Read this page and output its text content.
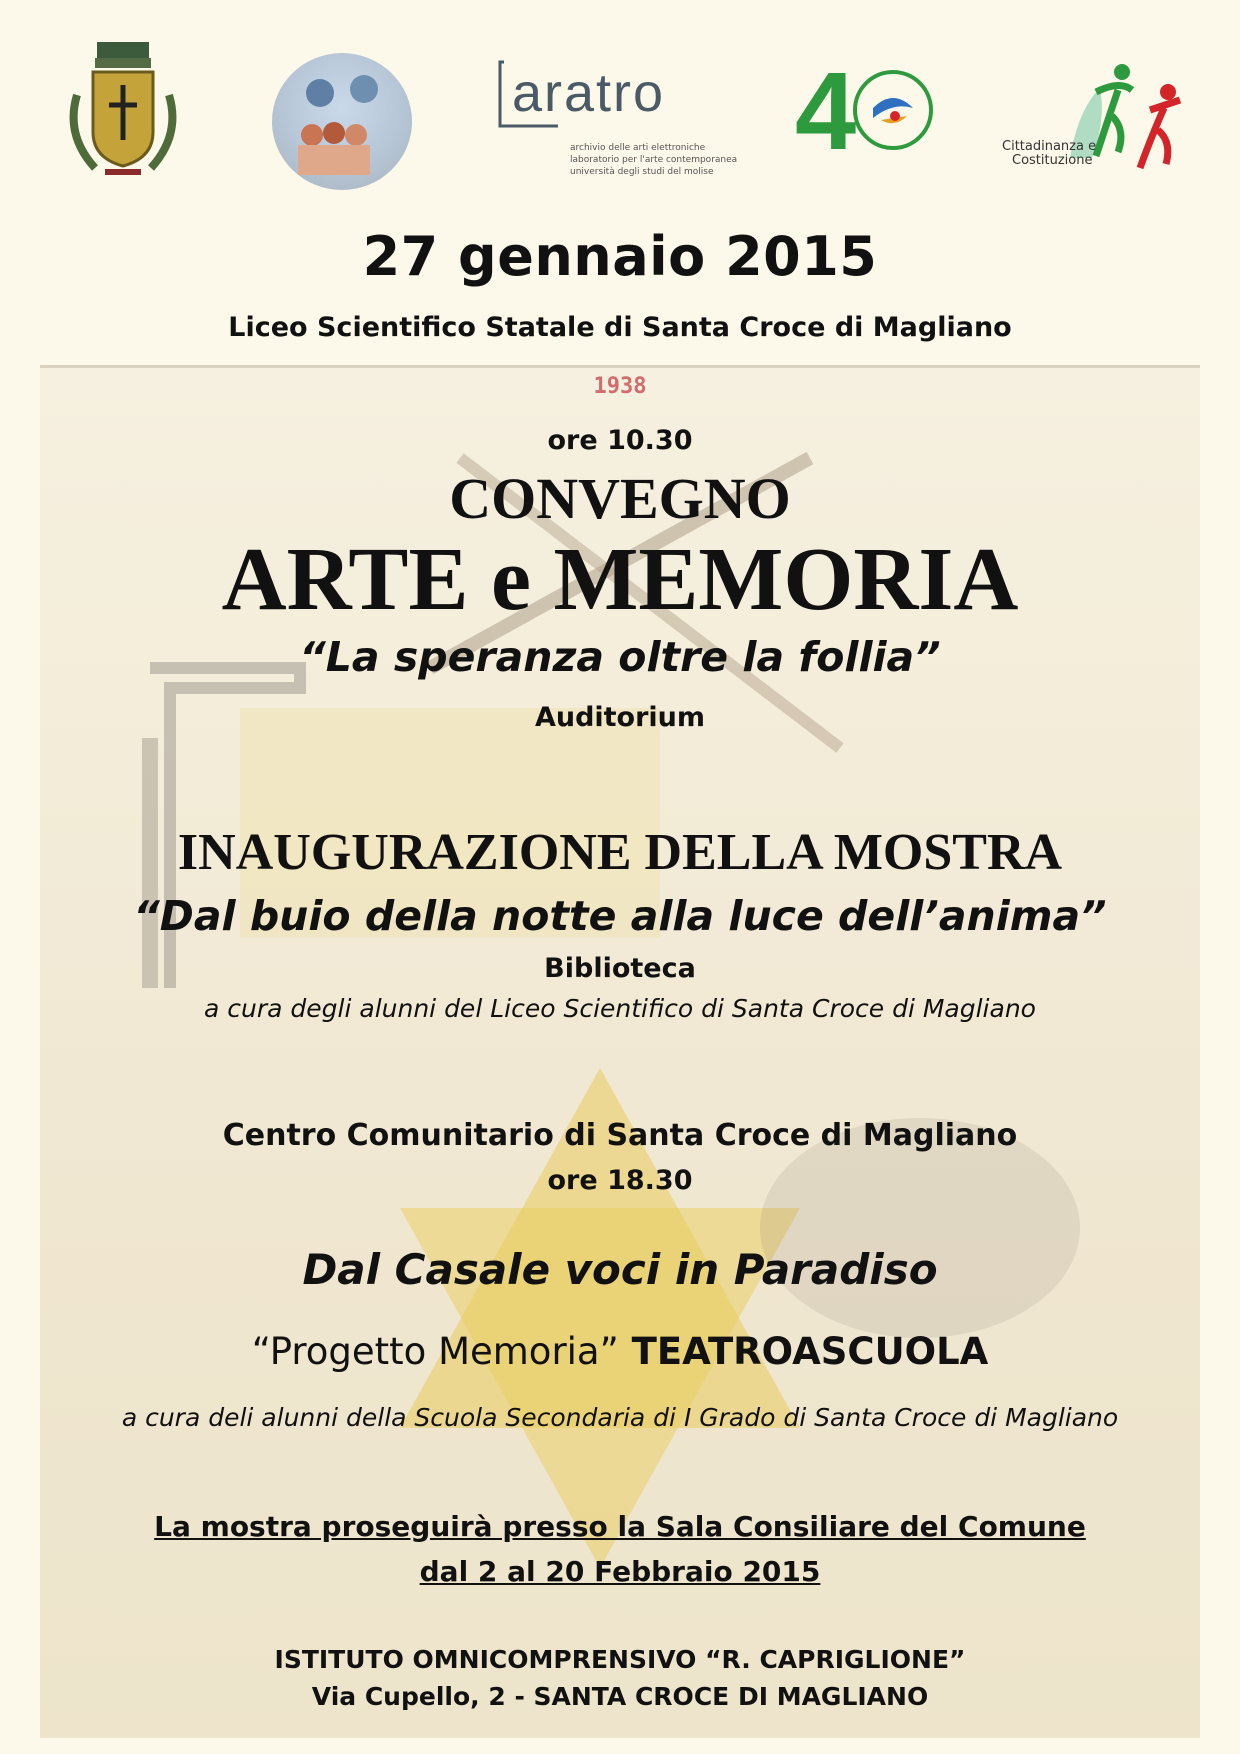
aratro
archivio delle arti elettroniche
laboratorio per l'arte contemporanea
università degli studi del molise 4	Cittadinanza e
Costituzione
27 gennaio 2015
Liceo Scientifico Statale di Santa Croce di Magliano
1938
ore 10.30
CONVEGNO
ARTE e MEMORIA
“La speranza oltre la follia”
Auditorium
INAUGURAZIONE DELLA MOSTRA
“Dal buio della notte alla luce dell’anima”
Biblioteca
a cura degli alunni del Liceo Scientifico di Santa Croce di Magliano
Centro Comunitario di Santa Croce di Magliano
ore 18.30
Dal Casale voci in Paradiso
“Progetto Memoria” TEATROASCUOLA
a cura deli alunni della Scuola Secondaria di I Grado di Santa Croce di Magliano
La mostra proseguirà presso la Sala Consiliare del Comune
dal 2 al 20 Febbraio 2015
ISTITUTO OMNICOMPRENSIVO “R. CAPRIGLIONE”
Via Cupello, 2 - SANTA CROCE DI MAGLIANO
